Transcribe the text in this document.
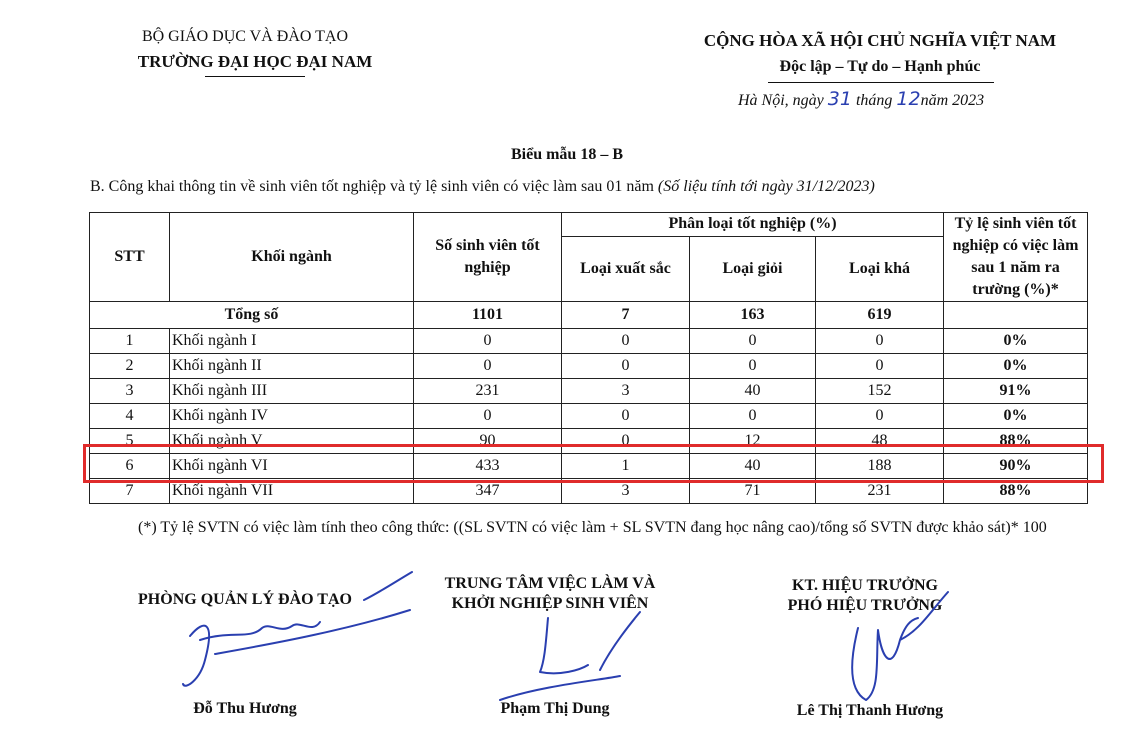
BỘ GIÁO DỤC VÀ ĐÀO TẠO
TRƯỜNG ĐẠI HỌC ĐẠI NAM
CỘNG HÒA XÃ HỘI CHỦ NGHĨA VIỆT NAM
Độc lập – Tự do – Hạnh phúc
Hà Nội, ngày 31 tháng 12năm 2023
Biểu mẫu 18 – B
B. Công khai thông tin về sinh viên tốt nghiệp và tỷ lệ sinh viên có việc làm sau 01 năm (Số liệu tính tới ngày 31/12/2023)
STT	Khối ngành	Số sinh viên tốt nghiệp	Phân loại tốt nghiệp (%)			Tỷ lệ sinh viên tốt nghiệp có việc làm sau 1 năm ra trường (%)*
			Loại xuất sắc	Loại giỏi	Loại khá	
Tổng số		1101	7	163	619	
1	Khối ngành I	0	0	0	0	0%
2	Khối ngành II	0	0	0	0	0%
3	Khối ngành III	231	3	40	152	91%
4	Khối ngành IV	0	0	0	0	0%
5	Khối ngành V	90	0	12	48	88%
6	Khối ngành VI	433	1	40	188	90%
7	Khối ngành VII	347	3	71	231	88%
(*) Tỷ lệ SVTN có việc làm tính theo công thức: ((SL SVTN có việc làm + SL SVTN đang học nâng cao)/tổng số SVTN được khảo sát)* 100
PHÒNG QUẢN LÝ ĐÀO TẠO
TRUNG TÂM VIỆC LÀM VÀ
KHỞI NGHIỆP SINH VIÊN
KT. HIỆU TRƯỞNG
PHÓ HIỆU TRƯỞNG
Đỗ Thu Hương	Phạm Thị Dung	Lê Thị Thanh Hương
